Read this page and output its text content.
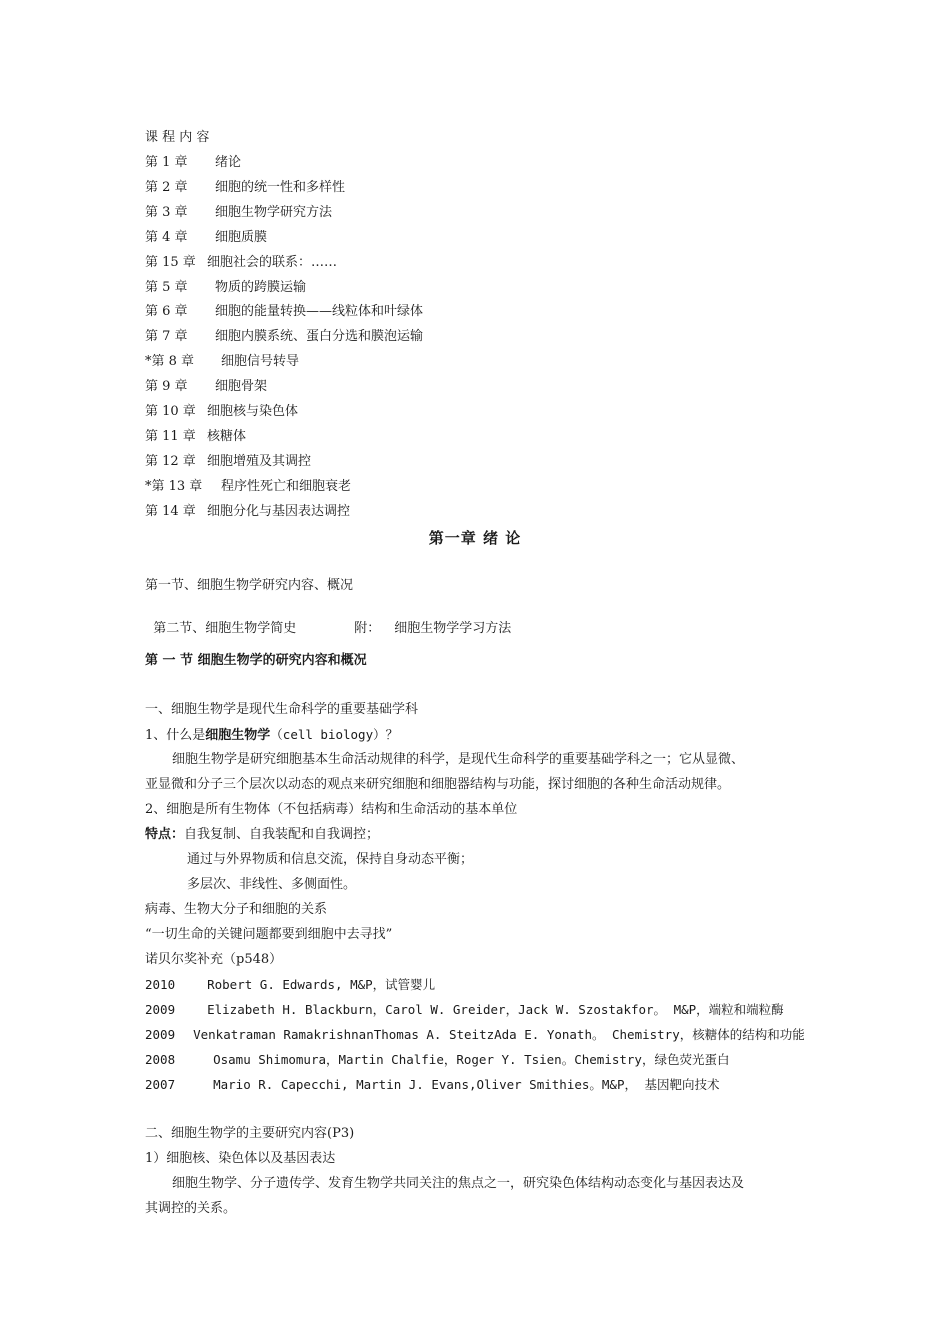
课 程 内 容
第 1 章 绪论
第 2 章 细胞的统一性和多样性
第 3 章 细胞生物学研究方法
第 4 章 细胞质膜
第 15 章 细胞社会的联系：……
第 5 章 物质的跨膜运输
第 6 章 细胞的能量转换——线粒体和叶绿体
第 7 章 细胞内膜系统、蛋白分选和膜泡运输
*第 8 章 细胞信号转导
第 9 章 细胞骨架
第 10 章 细胞核与染色体
第 11 章 核糖体
第 12 章 细胞增殖及其调控
*第 13 章 程序性死亡和细胞衰老
第 14 章 细胞分化与基因表达调控
第一章 绪 论
第一节、细胞生物学研究内容、概况

第二节、细胞生物学简史	附： 细胞生物学学习方法

第 一 节 细胞生物学的研究内容和概况
一、细胞生物学是现代生命科学的重要基础学科
1、什么是细胞生物学（cell biology）？
细胞生物学是研究细胞基本生命活动规律的科学，是现代生命科学的重要基础学科之一；它从显微、
亚显微和分子三个层次以动态的观点来研究细胞和细胞器结构与功能，探讨细胞的各种生命活动规律。
2、细胞是所有生物体（不包括病毒）结构和生命活动的基本单位
特点：自我复制、自我装配和自我调控；
通过与外界物质和信息交流，保持自身动态平衡；
多层次、非线性、多侧面性。
病毒、生物大分子和细胞的关系
“一切生命的关键问题都要到细胞中去寻找”
诺贝尔奖补充（p548）
2010	Robert G. Edwards, M&P，试管婴儿
2009	Elizabeth H. Blackburn，Carol W. Greider，Jack W. Szostakfor。 M&P，端粒和端粒酶
2009 Venkatraman RamakrishnanThomas A. SteitzAda E. Yonath。 Chemistry，核糖体的结构和功能
2008	Osamu Shimomura，Martin Chalfie，Roger Y. Tsien。Chemistry，绿色荧光蛋白
2007	Mario R. Capecchi, Martin J. Evans,Oliver Smithies。M&P， 基因靶向技术
二、细胞生物学的主要研究内容(P3)
1）细胞核、染色体以及基因表达
细胞生物学、分子遗传学、发育生物学共同关注的焦点之一，研究染色体结构动态变化与基因表达及
其调控的关系。
